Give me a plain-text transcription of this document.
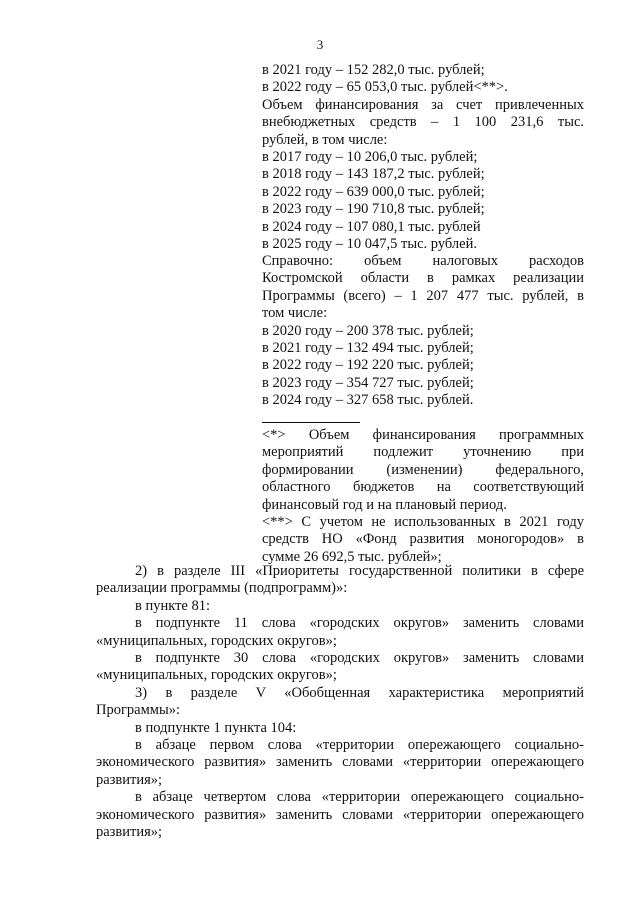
3
в 2021 году – 152 282,0 тыс. рублей;
в 2022 году – 65 053,0 тыс. рублей<**>.
Объем финансирования за счет привлеченных
внебюджетных средств – 1 100 231,6 тыс.
рублей, в том числе:
в 2017 году – 10 206,0 тыс. рублей;
в 2018 году – 143 187,2 тыс. рублей;
в 2022 году – 639 000,0 тыс. рублей;
в 2023 году – 190 710,8 тыс. рублей;
в 2024 году – 107 080,1 тыс. рублей
в 2025 году – 10 047,5 тыс. рублей.
Справочно: объем налоговых расходов
Костромской области в рамках реализации
Программы (всего) – 1 207 477 тыс. рублей, в
том числе:
в 2020 году – 200 378 тыс. рублей;
в 2021 году – 132 494 тыс. рублей;
в 2022 году – 192 220 тыс. рублей;
в 2023 году – 354 727 тыс. рублей;
в 2024 году – 327 658 тыс. рублей.
<*> Объем финансирования программных
мероприятий подлежит уточнению при
формировании (изменении) федерального,
областного бюджетов на соответствующий
финансовый год и на плановый период.
<**> С учетом не использованных в 2021 году
средств НО «Фонд развития моногородов» в
сумме 26 692,5 тыс. рублей»;
2) в разделе III «Приоритеты государственной политики в сфере
реализации программы (подпрограмм)»:
в пункте 81:
в подпункте 11 слова «городских округов» заменить словами
«муниципальных, городских округов»;
в подпункте 30 слова «городских округов» заменить словами
«муниципальных, городских округов»;
3) в разделе V «Обобщенная характеристика мероприятий
Программы»:
в подпункте 1 пункта 104:
в абзаце первом слова «территории опережающего социально-
экономического развития» заменить словами «территории опережающего
развития»;
в абзаце четвертом слова «территории опережающего социально-
экономического развития» заменить словами «территории опережающего
развития»;
